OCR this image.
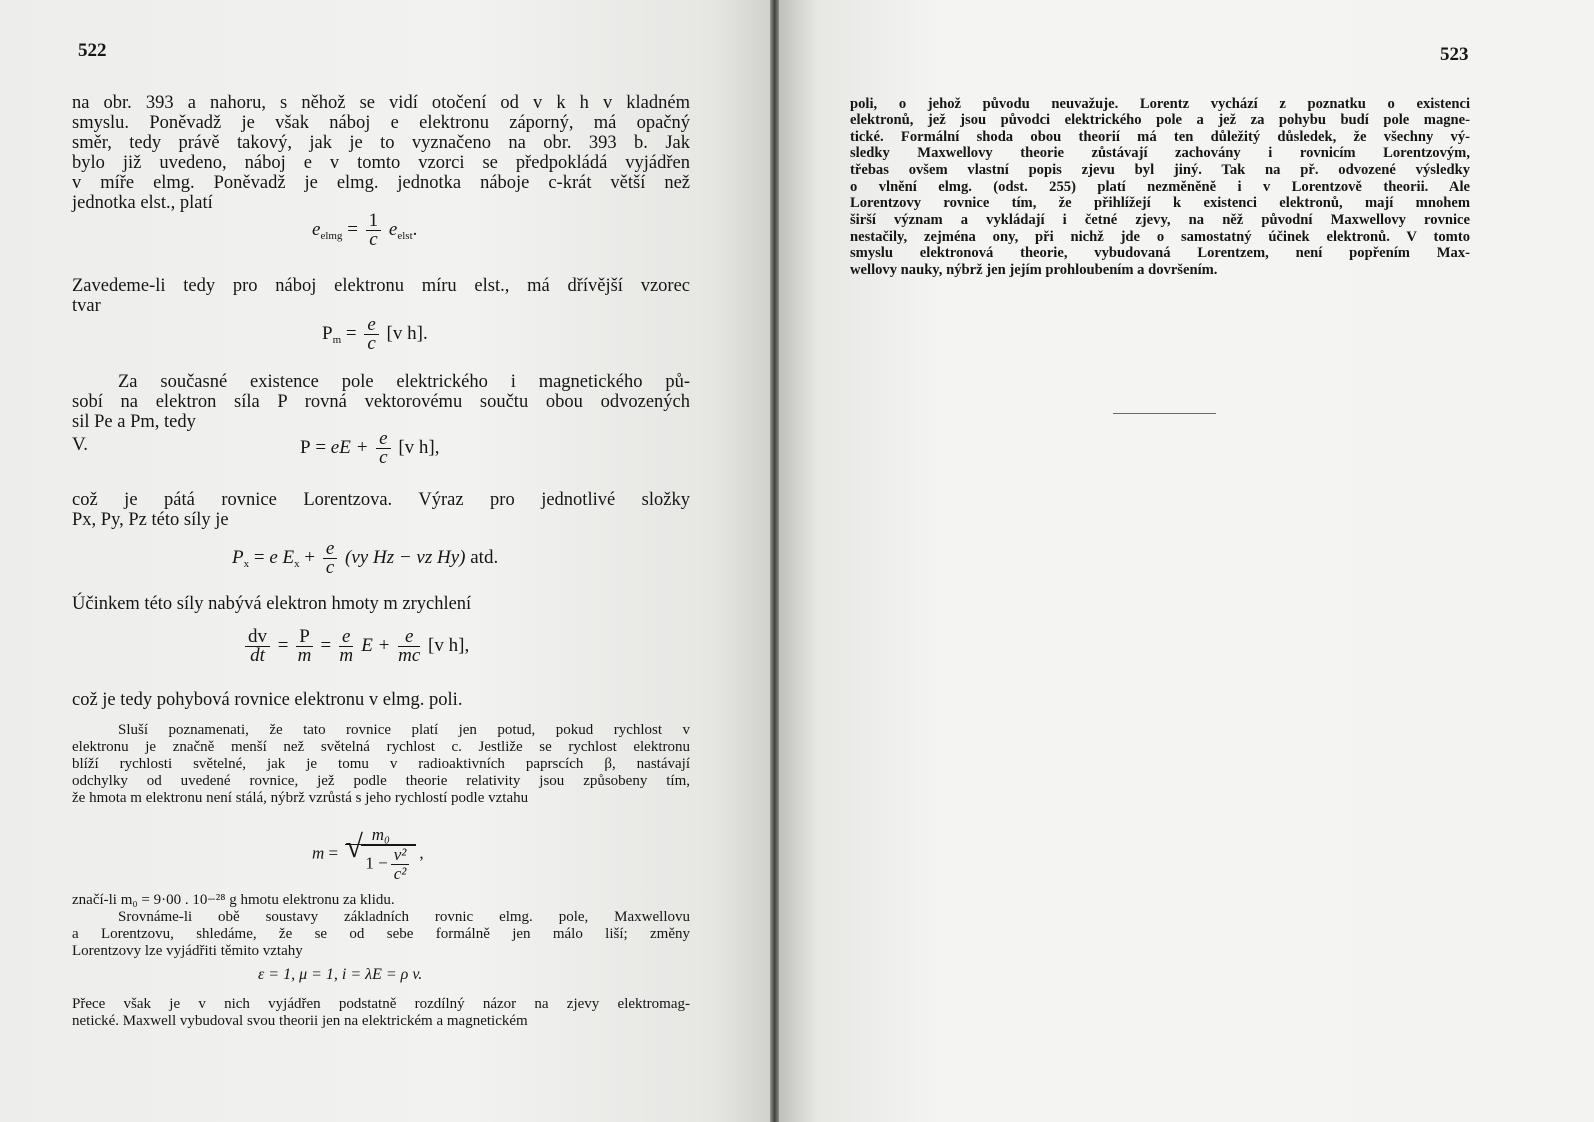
522	523
na obr. 393 a nahoru, s něhož se vidí otočení od v k h v kladném
smyslu. Poněvadž je však náboj e elektronu záporný, má opačný
směr, tedy právě takový, jak je to vyznačeno na obr. 393 b. Jak
bylo již uvedeno, náboj e v tomto vzorci se předpokládá vyjádřen
v míře elmg. Poněvadž je elmg. jednotka náboje c-krát větší než
jednotka elst., platí
$e_{elmg} = \frac{1}{c} e_{elst}$.
Zavedeme-li tedy pro náboj elektronu míru elst., má dřívější vzorec
tvar
$P_m = \frac{e}{c} [v$ h].
Za současné existence pole elektrického i magnetického pů-
sobí na elektron síla P rovná vektorovému součtu obou odvozených
sil Pe a Pm, tedy
V.	P = eE + $\frac{e}{c} [v$ h],
což je pátá rovnice Lorentzova. Výraz pro jednotlivé složky
Px, Py, Pz této síly je
$P_x = e$ $E_x + \frac{e}{c} (vy$ Hz − vz Hy) atd.
Účinkem této síly nabývá elektron hmoty m zrychlení
$\frac{dv}{dt} = \frac{P}{m} = \frac{e}{m}$ $E + \frac{e}{mc} [v$ h],
což je tedy pohybová rovnice elektronu v elmg. poli.
Sluší poznamenati, že tato rovnice platí jen potud, pokud rychlost v
elektronu je značně menší než světelná rychlost c. Jestliže se rychlost elektronu
blíží rychlosti světelné, jak je tomu v radioaktivních paprscích β, nastávají
odchylky od uvedené rovnice, jež podle theorie relativity jsou způsobeny tím,
že hmota m elektronu není stálá, nýbrž vzrůstá s jeho rychlostí podle vztahu
$m = \frac{\text{m₀}}{√ 1 - \frac{\text{v²}}{\text{c²}}}$ ,
značí-li m₀ = 9·00 . 10−²⁸ g hmotu elektronu za klidu.
Srovnáme-li obě soustavy základních rovnic elmg. pole, Maxwellovu
a Lorentzovu, shledáme, že se od sebe formálně jen málo liší; změny
Lorentzovy lze vyjádřiti těmito vztahy
ε = 1, μ = 1, i = λE = ρ v.
Přece však je v nich vyjádřen podstatně rozdílný názor na zjevy elektromag-
netické. Maxwell vybudoval svou theorii jen na elektrickém a magnetickém
poli, o jehož původu neuvažuje. Lorentz vychází z poznatku o existenci
elektronů, jež jsou původci elektrického pole a jež za pohybu budí pole magne-
tické. Formální shoda obou theorií má ten důležitý důsledek, že všechny vý-
sledky Maxwellovy theorie zůstávají zachovány i rovnicím Lorentzovým,
třebas ovšem vlastní popis zjevu byl jiný. Tak na př. odvozené výsledky
o vlnění elmg. (odst. 255) platí nezměněně i v Lorentzově theorii. Ale
Lorentzovy rovnice tím, že přihlížejí k existenci elektronů, mají mnohem
širší význam a vykládají i četné zjevy, na něž původní Maxwellovy rovnice
nestačily, zejména ony, při nichž jde o samostatný účinek elektronů. V tomto
smyslu elektronová theorie, vybudovaná Lorentzem, není popřením Max-
wellovy nauky, nýbrž jen jejím prohloubením a dovršením.
